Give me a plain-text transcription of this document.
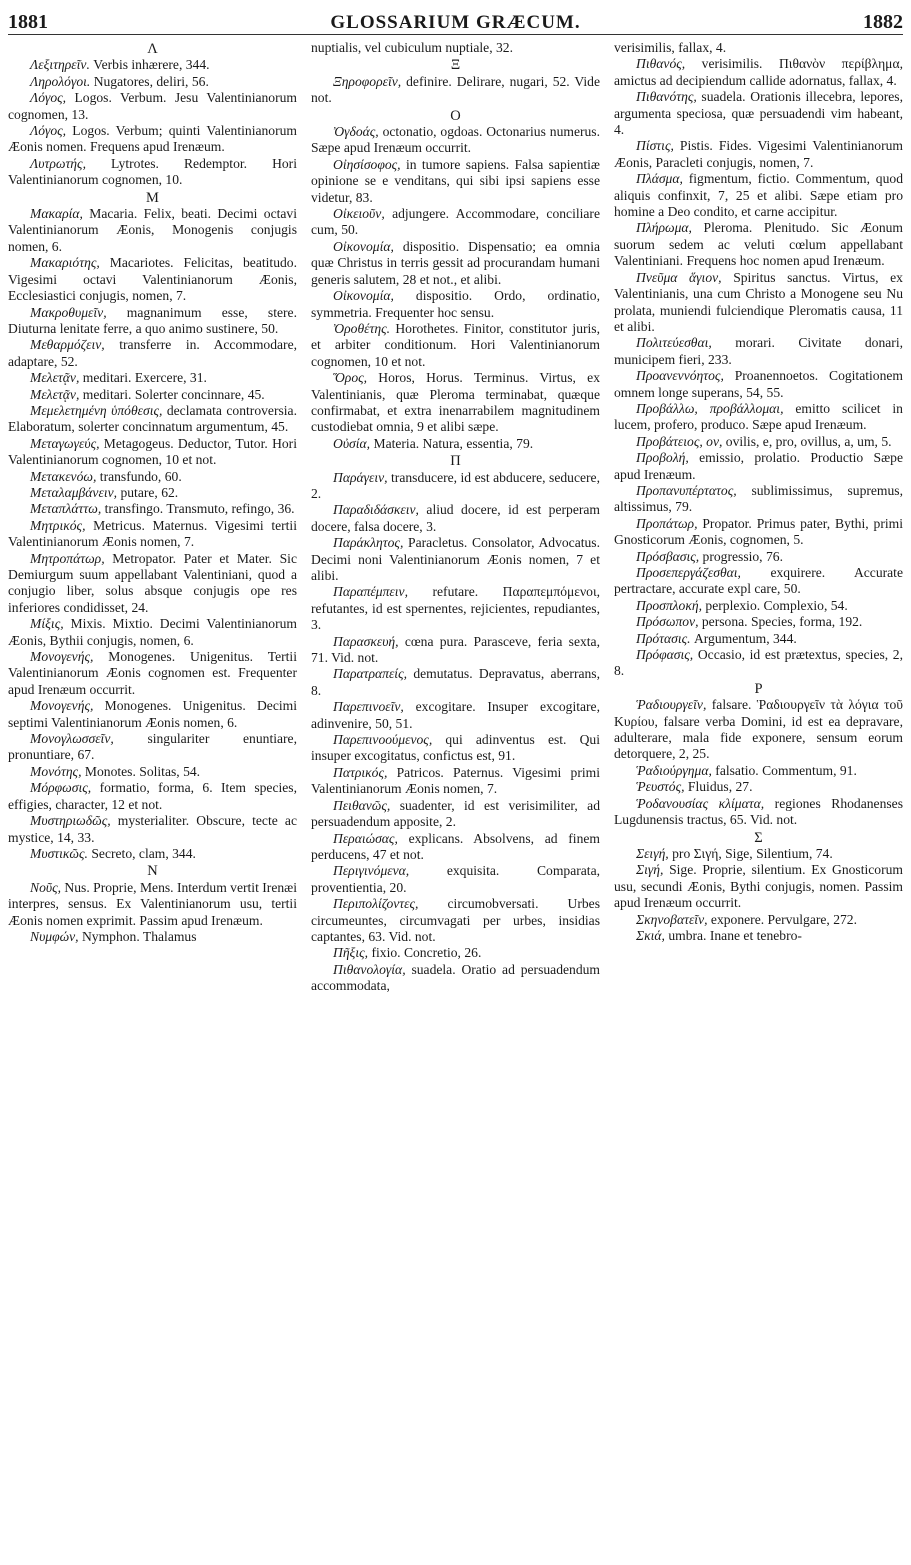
1881	GLOSSARIUM GRÆCUM.	1882
Λ

Λεξιτηρεῖν. Verbis inhærere, 344.

Ληρολόγοι. Nugatores, deliri, 56.

Λόγος, Logos. Verbum. Jesu Valentinianorum cognomen, 13.

Λόγος, Logos. Verbum; quinti Valentinianorum Æonis nomen. Frequens apud Irenæum.

Λυτρωτής, Lytrotes. Redemptor. Hori Valentinianorum cognomen, 10.

Μ

Μακαρία, Macaria. Felix, beati. Decimi octavi Valentinianorum Æonis, Monogenis conjugis nomen, 6.

Μακαριότης, Macariotes. Felicitas, beatitudo. Vigesimi octavi Valentinianorum Æonis, Ecclesiastici conjugis, nomen, 7.

Μακροθυμεῖν, magnanimum esse, stere. Diuturna lenitate ferre, a quo animo sustinere, 50.

Μεθαρμόζειν, transferre in. Accommodare, adaptare, 52.

Μελετᾷν, meditari. Exercere, 31.

Μελετᾷν, meditari. Solerter concinnare, 45.

Μεμελετημένη ὑπόθεσις, declamata controversia. Elaboratum, solerter concinnatum argumentum, 45.

Μεταγωγεύς, Metagogeus. Deductor, Tutor. Hori Valentinianorum cognomen, 10 et not.

Μετακενόω, transfundo, 60.

Μεταλαμβάνειν, putare, 62.

Μεταπλάττω, transfingo. Transmuto, refingo, 36.

Μητρικός, Metricus. Maternus. Vigesimi tertii Valentinianorum Æonis nomen, 7.

Μητροπάτωρ, Metropator. Pater et Mater. Sic Demiurgum suum appellabant Valentiniani, quod a conjugio liber, solus absque conjugis ope res inferiores condidisset, 24.

Μίξις, Mixis. Mixtio. Decimi Valentinianorum Æonis, Bythii conjugis, nomen, 6.

Μονογενής, Monogenes. Unigenitus. Tertii Valentinianorum Æonis cognomen est. Frequenter apud Irenæum occurrit.

Μονογενής, Monogenes. Unigenitus. Decimi septimi Valentinianorum Æonis nomen, 6.

Μονογλωσσεῖν, singulariter enuntiare, pronuntiare, 67.

Μονότης, Monotes. Solitas, 54.

Μόρφωσις, formatio, forma, 6. Item species, effigies, character, 12 et not.

Μυστηριωδῶς, mysterialiter. Obscure, tecte ac mystice, 14, 33.

Μυστικῶς. Secreto, clam, 344.

Ν

Νοῦς, Nus. Proprie, Mens. Interdum vertit Irenæi interpres, sensus. Ex Valentinianorum usu, tertii Æonis nomen exprimit. Passim apud Irenæum.

Νυμφών, Nymphon. Thalamus

nuptialis, vel cubiculum nuptiale, 32.

Ξ

Ξηροφορεῖν, definire. Delirare, nugari, 52. Vide not.

Ο

Ὀγδοάς, octonatio, ogdoas. Octonarius numerus. Sæpe apud Irenæum occurrit.

Οἰησίσοφος, in tumore sapiens. Falsa sapientiæ opinione se e venditans, qui sibi ipsi sapiens esse videtur, 83.

Οἰκειοῦν, adjungere. Accommodare, conciliare cum, 50.

Οἰκονομία, dispositio. Dispensatio; ea omnia quæ Christus in terris gessit ad procurandam humani generis salutem, 28 et not., et alibi.

Οἰκονομία, dispositio. Ordo, ordinatio, symmetria. Frequenter hoc sensu.

Ὀροθέτης. Horothetes. Finitor, constitutor juris, et arbiter conditionum. Hori Valentinianorum cognomen, 10 et not.

Ὅρος, Horos, Horus. Terminus. Virtus, ex Valentinianis, quæ Pleroma terminabat, quæque confirmabat, et extra inenarrabilem magnitudinem custodiebat omnia, 9 et alibi sæpe.

Οὐσία, Materia. Natura, essentia, 79.

Π

Παράγειν, transducere, id est abducere, seducere, 2.

Παραδιδάσκειν, aliud docere, id est perperam docere, falsa docere, 3.

Παράκλητος, Paracletus. Consolator, Advocatus. Decimi noni Valentinianorum Æonis nomen, 7 et alibi.

Παραπέμπειν, refutare. Παραπεμπόμενοι, refutantes, id est spernentes, rejicientes, repudiantes, 3.

Παρασκευή, cœna pura. Parasceve, feria sexta, 71. Vid. not.

Παρατραπείς, demutatus. Depravatus, aberrans, 8.

Παρεπινοεῖν, excogitare. Insuper excogitare, adinvenire, 50, 51.

Παρεπινοούμενος, qui adinventus est. Qui insuper excogitatus, confictus est, 91.

Πατρικός, Patricos. Paternus. Vigesimi primi Valentinianorum Æonis nomen, 7.

Πειθανῶς, suadenter, id est verisimiliter, ad persuadendum apposite, 2.

Περαιώσας, explicans. Absolvens, ad finem perducens, 47 et not.

Περιγινόμενα, exquisita. Comparata, proventientia, 20.

Περιπολίζοντες, circumobversati. Urbes circumeuntes, circumvagati per urbes, insidias captantes, 63. Vid. not.

Πῆξις, fixio. Concretio, 26.

Πιθανολογία, suadela. Oratio ad persuadendum accommodata,

verisimilis, fallax, 4.

Πιθανός, verisimilis. Πιθανὸν περίβλημα, amictus ad decipiendum callide adornatus, fallax, 4.

Πιθανότης, suadela. Orationis illecebra, lepores, argumenta speciosa, quæ persuadendi vim habeant, 4.

Πίστις, Pistis. Fides. Vigesimi Valentinianorum Æonis, Paracleti conjugis, nomen, 7.

Πλάσμα, figmentum, fictio. Commentum, quod aliquis confinxit, 7, 25 et alibi. Sæpe etiam pro homine a Deo condito, et carne accipitur.

Πλήρωμα, Pleroma. Plenitudo. Sic Æonum suorum sedem ac veluti cœlum appellabant Valentiniani. Frequens hoc nomen apud Irenæum.

Πνεῦμα ἅγιον, Spiritus sanctus. Virtus, ex Valentinianis, una cum Christo a Monogene seu Nu prolata, muniendi fulciendique Pleromatis causa, 11 et alibi.

Πολιτεύεσθαι, morari. Civitate donari, municipem fieri, 233.

Προανεννόητος, Proanennoetos. Cogitationem omnem longe superans, 54, 55.

Προβάλλω, προβάλλομαι, emitto scilicet in lucem, profero, produco. Sæpe apud Irenæum.

Προβάτειος, ον, ovilis, e, pro, ovillus, a, um, 5.

Προβολή, emissio, prolatio. Productio Sæpe apud Irenæum.

Προπανυπέρτατος, sublimissimus, supremus, altissimus, 79.

Προπάτωρ, Propator. Primus pater, Bythi, primi Gnosticorum Æonis, cognomen, 5.

Πρόσβασις, progressio, 76.

Προσεπεργάζεσθαι, exquirere. Accurate pertractare, accurate expl care, 50.

Προσπλοκή, perplexio. Complexio, 54.

Πρόσωπον, persona. Species, forma, 192.

Πρότασις. Argumentum, 344.

Πρόφασις, Occasio, id est prætextus, species, 2, 8.

Ρ

Ῥαδιουργεῖν, falsare. Ῥαδιουργεῖν τὰ λόγια τοῦ Κυρίου, falsare verba Domini, id est ea depravare, adulterare, mala fide exponere, sensum eorum detorquere, 2, 25.

Ῥαδιούργημα, falsatio. Commentum, 91.

Ῥευστός, Fluidus, 27.

Ῥοδανουσίας κλίματα, regiones Rhodanenses Lugdunensis tractus, 65. Vid. not.

Σ

Σειγή, pro Σιγή, Sige, Silentium, 74.

Σιγή, Sige. Proprie, silentium. Ex Gnosticorum usu, secundi Æonis, Bythi conjugis, nomen. Passim apud Irenæum occurrit.

Σκηνοβατεῖν, exponere. Pervulgare, 272.

Σκιά, umbra. Inane et tenebro-
